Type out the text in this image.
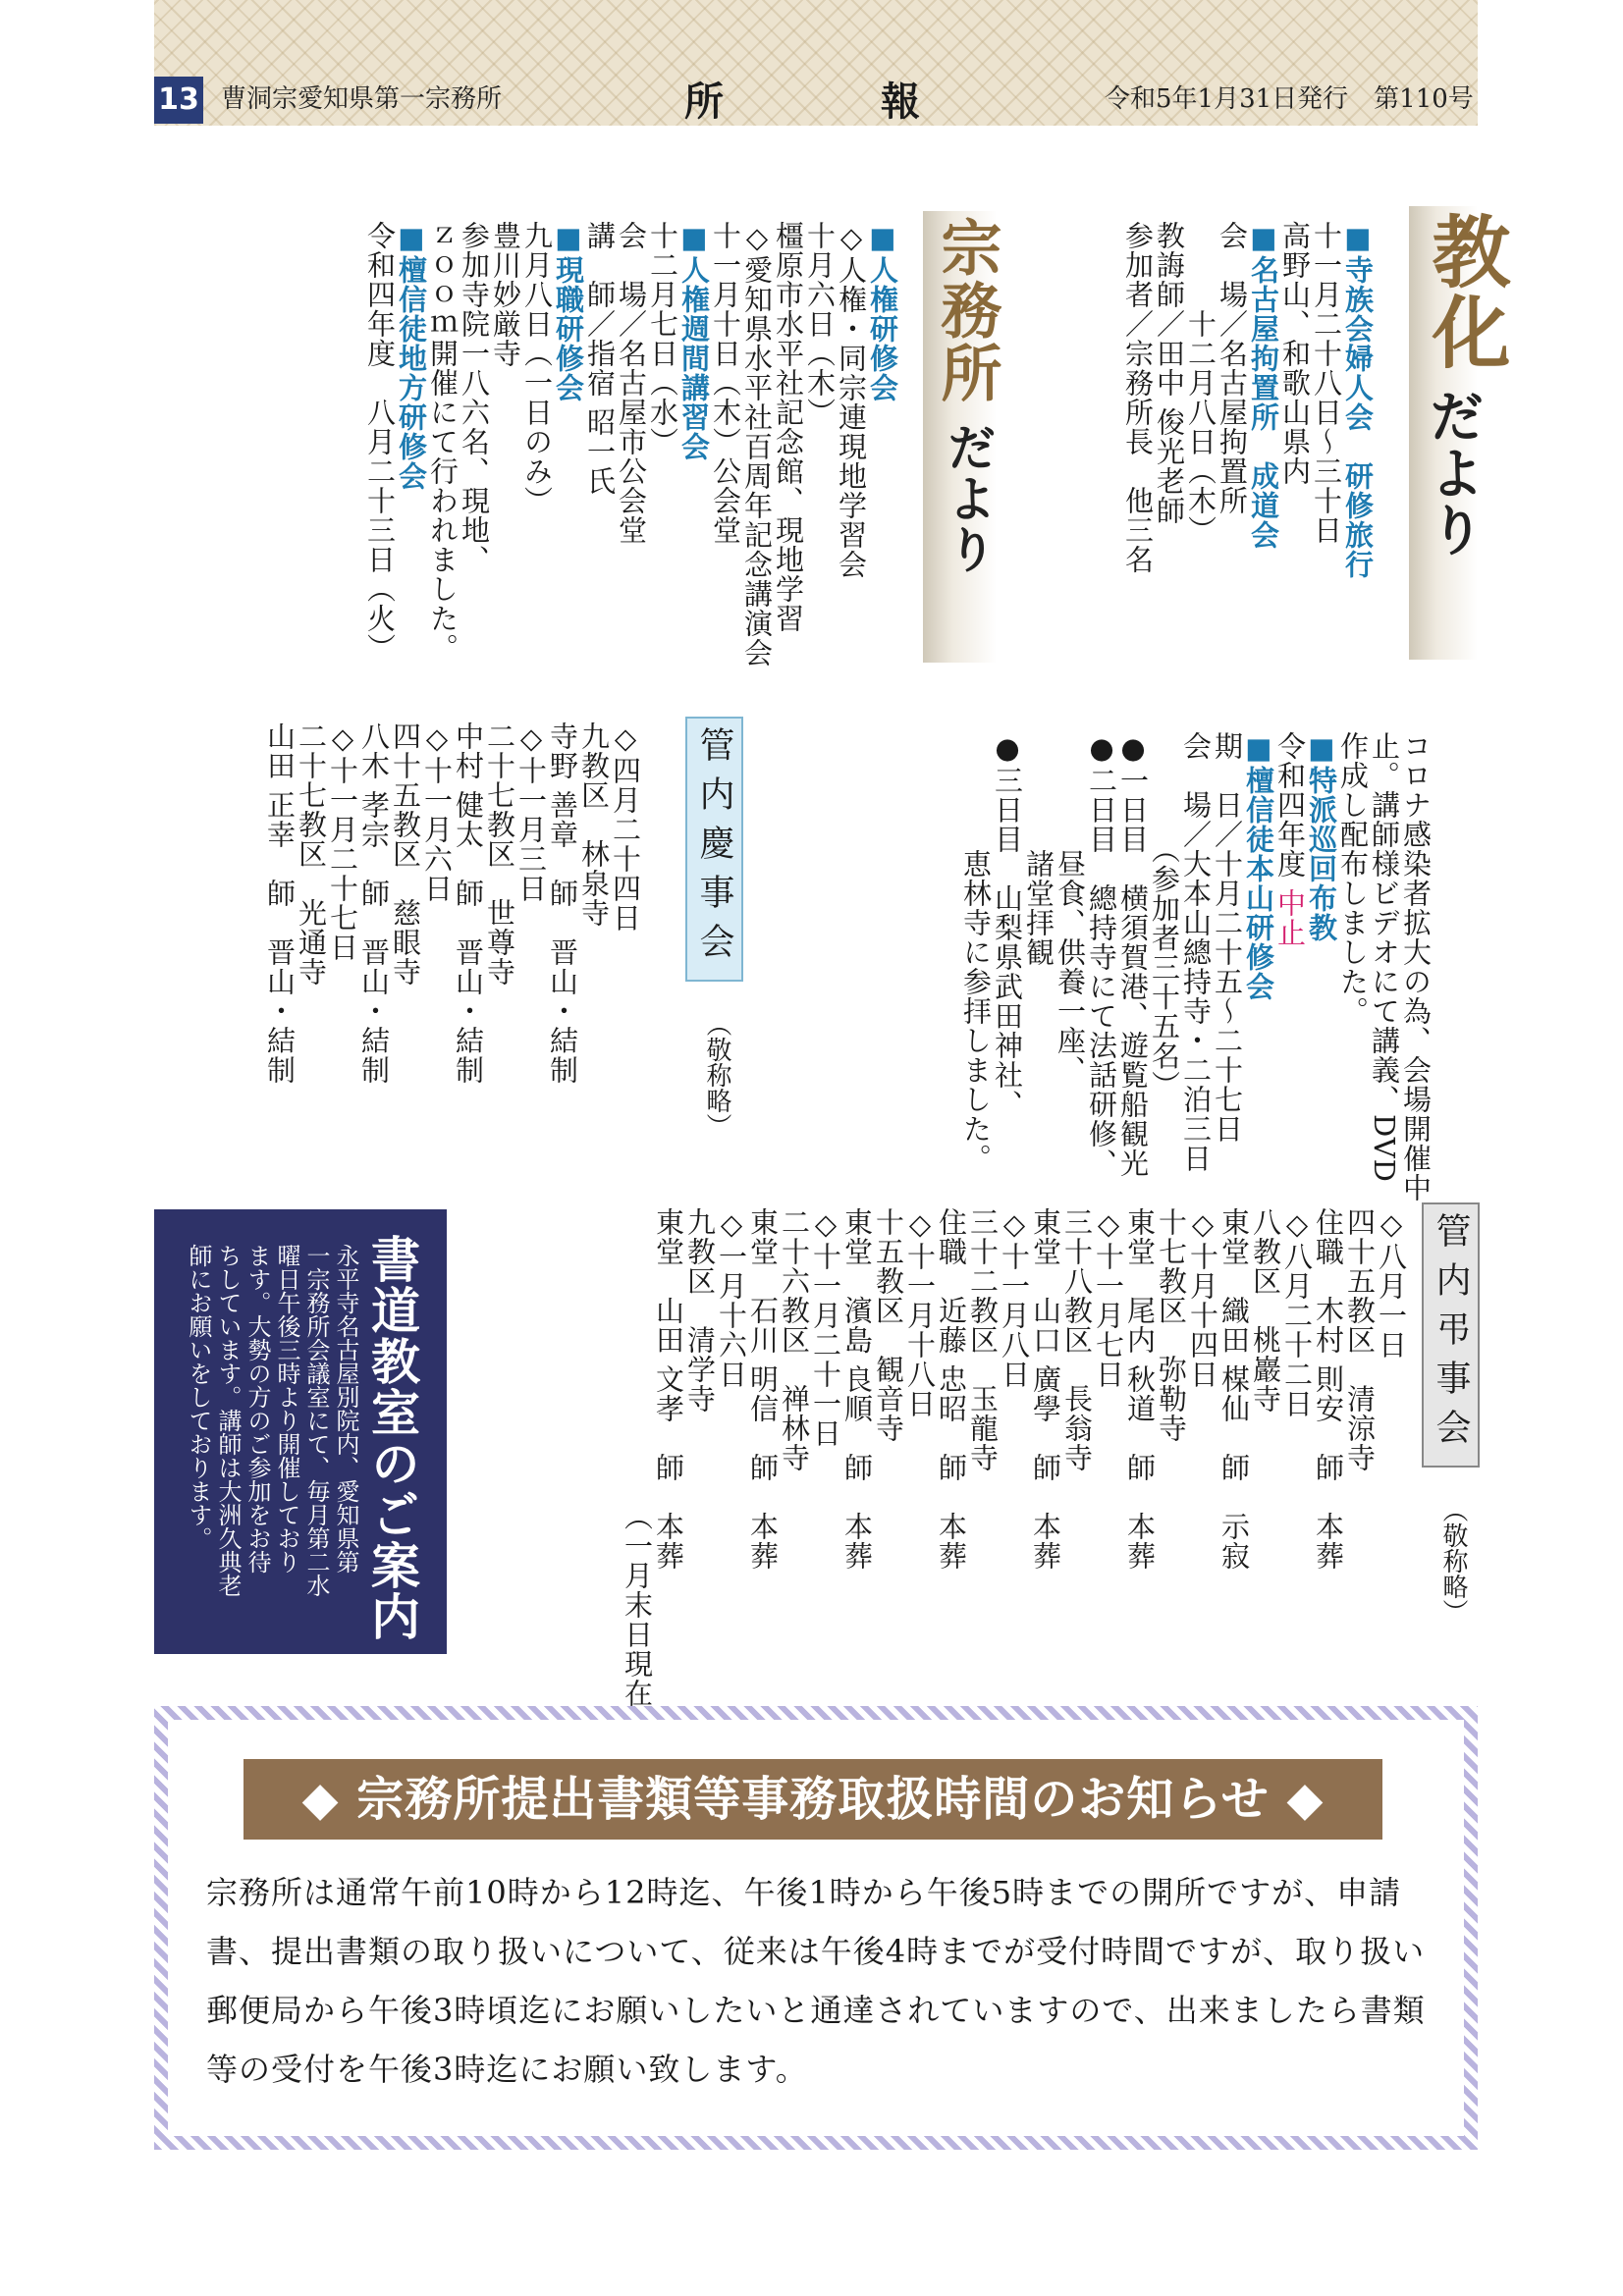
13 曹洞宗愛知県第一宗務所	所報 令和5年1月31日発行　第110号
教化
だより
■寺族会婦人会　研修旅行
十一月二十八日～三十日
高野山、和歌山県内
■名古屋拘置所　成道会
会　場／名古屋拘置所
　　　十二月八日（木）
教誨師／田中 俊光老師
参加者／宗務所長　他三名
コロナ感染者拡大の為、会場開催中
止。講師様ビデオにて講義、DVD
作成し配布しました。
■特派巡回布教
令和四年度 中止
■檀信徒本山研修会
期　日／十月二十五～二十七日
会　場／大本山總持寺・二泊三日
　　　　（参加者三十五名）
●一日目　横須賀港、遊覧船観光
●二日目　總持寺にて法話研修、
　　　　昼食、供養一座、
　　　　諸堂拝観
●三日目　山梨県武田神社、
　　　　恵林寺に参拝しました。
宗務所
だより
■人権研修会
◇人権・同宗連現地学習会
十月六日（木）
橿原市水平社記念館、現地学習
◇愛知県水平社百周年記念講演会
十一月十日（木）公会堂
■人権週間講習会
十二月七日（水）
会　場／名古屋市公会堂
講　師／指宿 昭一氏
■現職研修会
九月八日（一日のみ）
豊川妙厳寺
参加寺院一八六名、現地、
ｚｏｏｍ開催にて行われました。
■檀信徒地方研修会
令和四年度　八月二十三日（火）
管内慶事会
（敬称略）
◇四月二十四日
九教区　林泉寺
寺野 善章　師　晋山・結制
◇十一月三日
二十七教区　世尊寺
中村 健太　師　晋山・結制
◇十一月六日
四十五教区　慈眼寺
八木 孝宗　師　晋山・結制
◇十一月二十七日
二十七教区　光通寺
山田 正幸　師　晋山・結制
管内弔事会
（敬称略）
◇八月一日
四十五教区　清涼寺
住職　木村 則安　師　本葬
◇八月二十二日
八教区　桃巖寺
東堂　織田 楳仙　師　示寂
◇十月十四日
十七教区　弥勒寺
東堂　尾内 秋道　師　本葬
◇十一月七日
三十八教区　長翁寺
東堂　山口 廣學　師　本葬
◇十一月八日
三十二教区　玉龍寺
住職　近藤 忠昭　師　本葬
◇十一月十八日
十五教区　観音寺
東堂　濱島 良順　師　本葬
◇十一月二十一日
二十六教区　禅林寺
東堂　石川 明信　師　本葬
◇一月十六日
九教区　清学寺
東堂　山田 文孝　師　本葬
（一月末日現在）
書道教室のご案内
永平寺名古屋別院内、愛知県第
一宗務所会議室にて、毎月第二水
曜日午後三時より開催しており
ます。大勢の方のご参加をお待
ちしています。講師は大洲久典老
師にお願いをしております。
◆ 宗務所提出書類等事務取扱時間のお知らせ ◆
宗務所は通常午前10時から12時迄、午後1時から午後5時までの開所ですが、申請書、提出書類の取り扱いについて、従来は午後4時までが受付時間ですが、取り扱い郵便局から午後3時頃迄にお願いしたいと通達されていますので、出来ましたら書類等の受付を午後3時迄にお願い致します。
